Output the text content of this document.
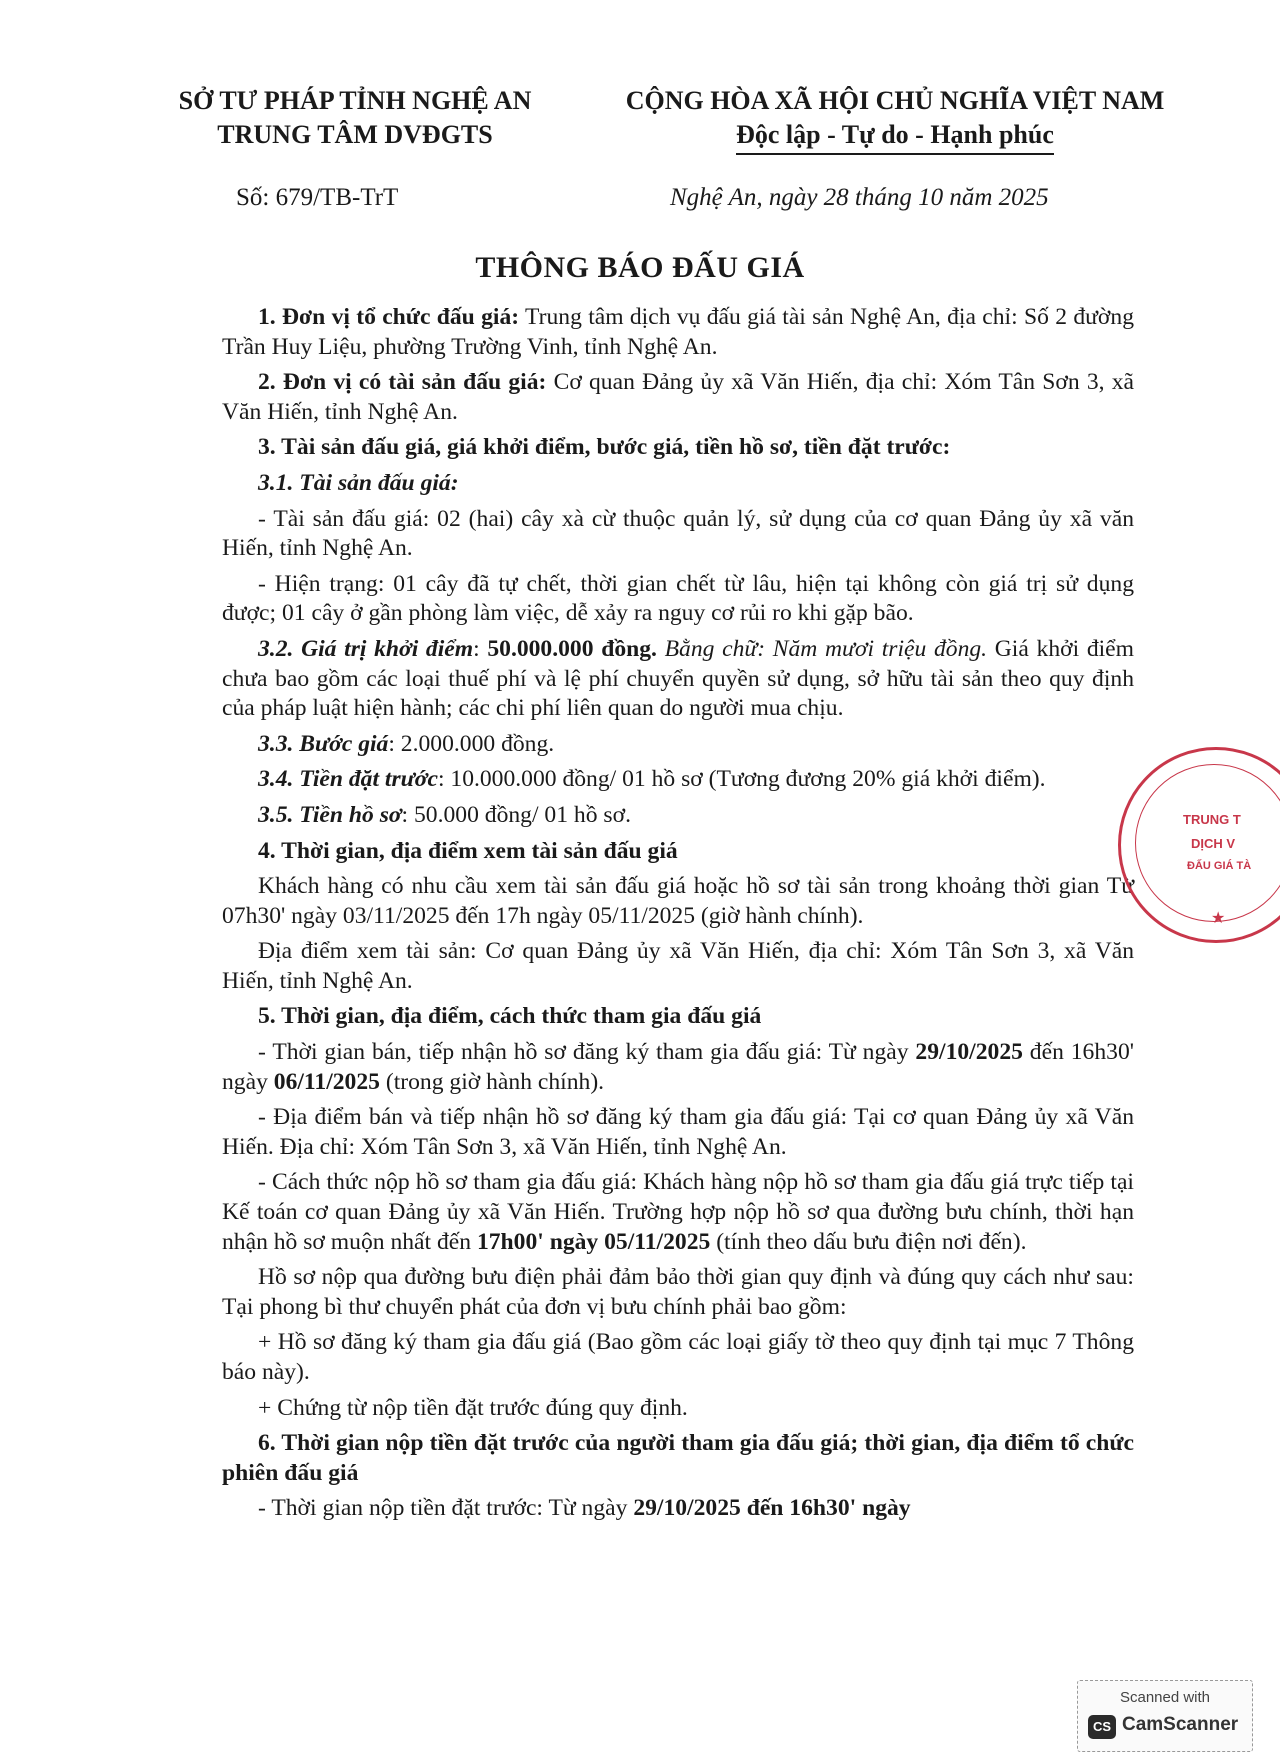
SỞ TƯ PHÁP TỈNH NGHỆ AN
TRUNG TÂM DVĐGTS
CỘNG HÒA XÃ HỘI CHỦ NGHĨA VIỆT NAM
Độc lập - Tự do - Hạnh phúc
Số: 679/TB-TrT	Nghệ An, ngày 28 tháng 10 năm 2025
THÔNG BÁO ĐẤU GIÁ

1. Đơn vị tổ chức đấu giá: Trung tâm dịch vụ đấu giá tài sản Nghệ An, địa chỉ: Số 2 đường Trần Huy Liệu, phường Trường Vinh, tỉnh Nghệ An.

2. Đơn vị có tài sản đấu giá: Cơ quan Đảng ủy xã Văn Hiến, địa chỉ: Xóm Tân Sơn 3, xã Văn Hiến, tỉnh Nghệ An.

3. Tài sản đấu giá, giá khởi điểm, bước giá, tiền hồ sơ, tiền đặt trước:

3.1. Tài sản đấu giá:

- Tài sản đấu giá: 02 (hai) cây xà cừ thuộc quản lý, sử dụng của cơ quan Đảng ủy xã văn Hiến, tỉnh Nghệ An.

- Hiện trạng: 01 cây đã tự chết, thời gian chết từ lâu, hiện tại không còn giá trị sử dụng được; 01 cây ở gần phòng làm việc, dễ xảy ra nguy cơ rủi ro khi gặp bão.

3.2. Giá trị khởi điểm: 50.000.000 đồng. Bằng chữ: Năm mươi triệu đồng. Giá khởi điểm chưa bao gồm các loại thuế phí và lệ phí chuyển quyền sử dụng, sở hữu tài sản theo quy định của pháp luật hiện hành; các chi phí liên quan do người mua chịu.

3.3. Bước giá: 2.000.000 đồng.

3.4. Tiền đặt trước: 10.000.000 đồng/ 01 hồ sơ (Tương đương 20% giá khởi điểm).

3.5. Tiền hồ sơ: 50.000 đồng/ 01 hồ sơ.

4. Thời gian, địa điểm xem tài sản đấu giá

Khách hàng có nhu cầu xem tài sản đấu giá hoặc hồ sơ tài sản trong khoảng thời gian Từ 07h30' ngày 03/11/2025 đến 17h ngày 05/11/2025 (giờ hành chính).

Địa điểm xem tài sản: Cơ quan Đảng ủy xã Văn Hiến, địa chỉ: Xóm Tân Sơn 3, xã Văn Hiến, tỉnh Nghệ An.

5. Thời gian, địa điểm, cách thức tham gia đấu giá

- Thời gian bán, tiếp nhận hồ sơ đăng ký tham gia đấu giá: Từ ngày 29/10/2025 đến 16h30' ngày 06/11/2025 (trong giờ hành chính).

- Địa điểm bán và tiếp nhận hồ sơ đăng ký tham gia đấu giá: Tại cơ quan Đảng ủy xã Văn Hiến. Địa chỉ: Xóm Tân Sơn 3, xã Văn Hiến, tỉnh Nghệ An.

- Cách thức nộp hồ sơ tham gia đấu giá: Khách hàng nộp hồ sơ tham gia đấu giá trực tiếp tại Kế toán cơ quan Đảng ủy xã Văn Hiến. Trường hợp nộp hồ sơ qua đường bưu chính, thời hạn nhận hồ sơ muộn nhất đến 17h00' ngày 05/11/2025 (tính theo dấu bưu điện nơi đến).

Hồ sơ nộp qua đường bưu điện phải đảm bảo thời gian quy định và đúng quy cách như sau: Tại phong bì thư chuyển phát của đơn vị bưu chính phải bao gồm:

+ Hồ sơ đăng ký tham gia đấu giá (Bao gồm các loại giấy tờ theo quy định tại mục 7 Thông báo này).

+ Chứng từ nộp tiền đặt trước đúng quy định.

6. Thời gian nộp tiền đặt trước của người tham gia đấu giá; thời gian, địa điểm tổ chức phiên đấu giá

- Thời gian nộp tiền đặt trước: Từ ngày 29/10/2025 đến 16h30' ngày

TRUNG T
DỊCH V
ĐẤU GIÁ TÀ
★
Scanned with
CS CamScanner
